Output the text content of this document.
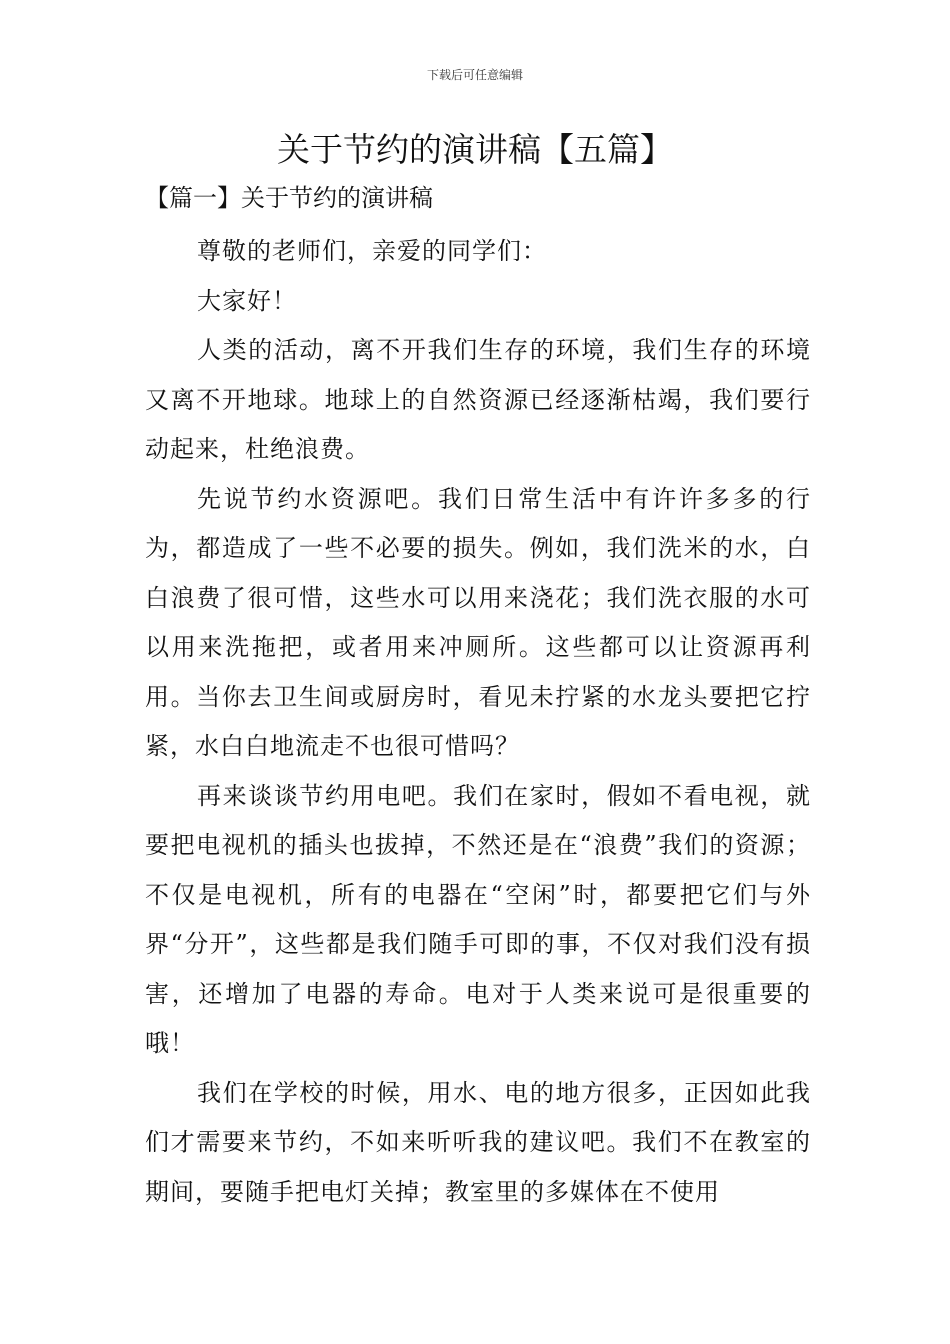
下载后可任意编辑
关于节约的演讲稿【五篇】
【篇一】关于节约的演讲稿

尊敬的老师们，亲爱的同学们：

大家好！

人类的活动，离不开我们生存的环境，我们生存的环境又离不开地球。地球上的自然资源已经逐渐枯竭，我们要行动起来，杜绝浪费。

先说节约水资源吧。我们日常生活中有许许多多的行为，都造成了一些不必要的损失。例如，我们洗米的水，白白浪费了很可惜，这些水可以用来浇花；我们洗衣服的水可以用来洗拖把，或者用来冲厕所。这些都可以让资源再利用。当你去卫生间或厨房时，看见未拧紧的水龙头要把它拧紧，水白白地流走不也很可惜吗？

再来谈谈节约用电吧。我们在家时，假如不看电视，就要把电视机的插头也拔掉，不然还是在“浪费”我们的资源；不仅是电视机，所有的电器在“空闲”时，都要把它们与外界“分开”，这些都是我们随手可即的事，不仅对我们没有损害，还增加了电器的寿命。电对于人类来说可是很重要的哦！

我们在学校的时候，用水、电的地方很多，正因如此我们才需要来节约，不如来听听我的建议吧。我们不在教室的期间，要随手把电灯关掉；教室里的多媒体在不使用
